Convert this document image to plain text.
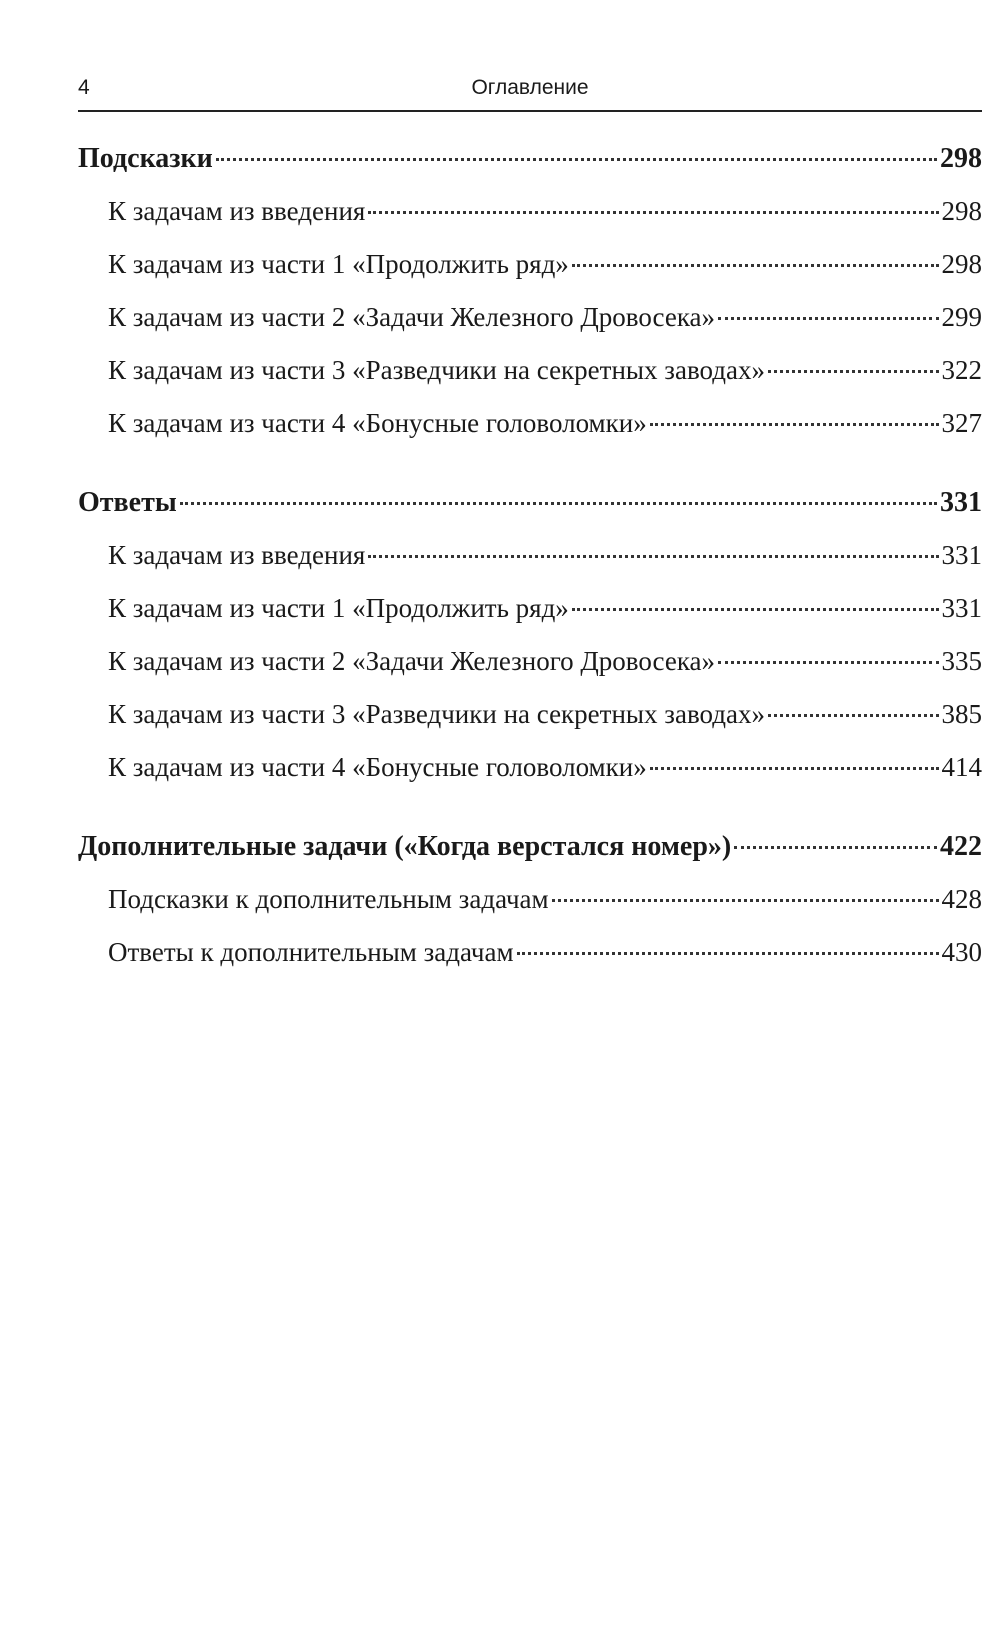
4	Оглавление
Подсказки	298
К задачам из введения	298
К задачам из части 1 «Продолжить ряд»	298
К задачам из части 2 «Задачи Железного Дровосека»	299
К задачам из части 3 «Разведчики на секретных заводах»	322
К задачам из части 4 «Бонусные головоломки»	327
Ответы	331
К задачам из введения	331
К задачам из части 1 «Продолжить ряд»	331
К задачам из части 2 «Задачи Железного Дровосека»	335
К задачам из части 3 «Разведчики на секретных заводах»	385
К задачам из части 4 «Бонусные головоломки»	414
Дополнительные задачи («Когда верстался номер»)	422
Подсказки к дополнительным задачам	428
Ответы к дополнительным задачам	430
